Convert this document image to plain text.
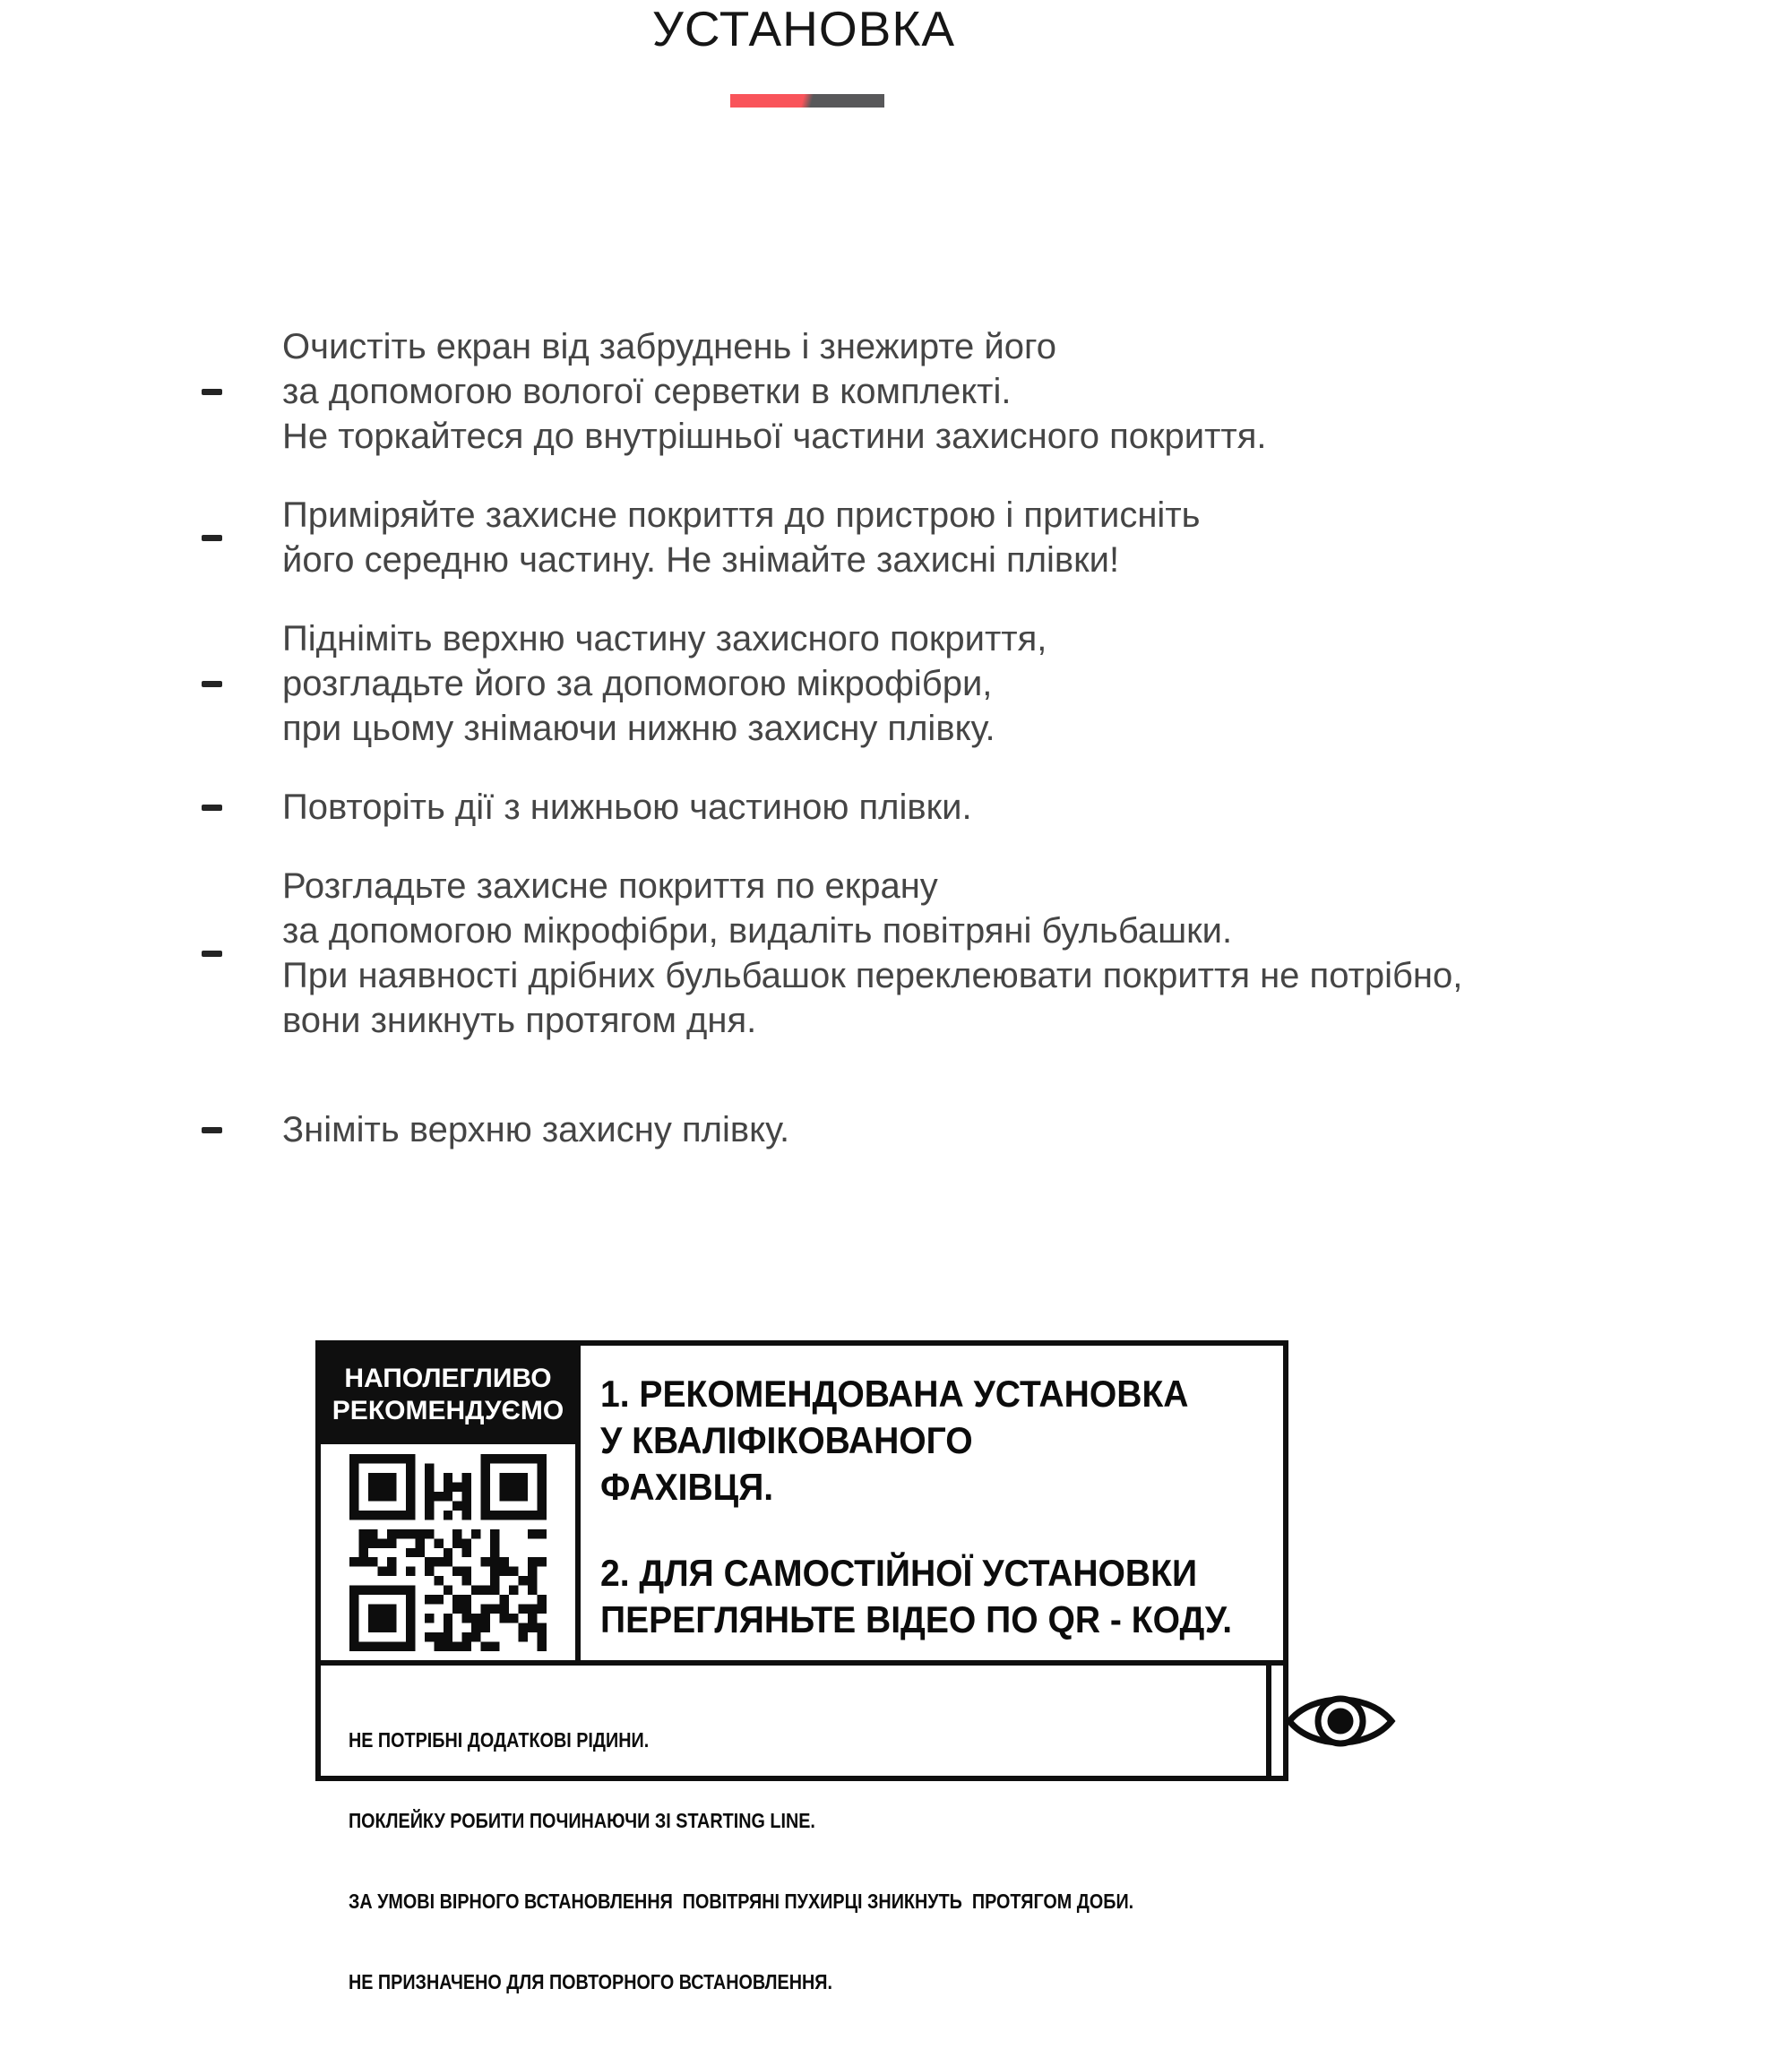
УСТАНОВКА
Очистіть екран від забруднень і знежирте його
за допомогою вологої серветки в комплекті.
Не торкайтеся до внутрішньої частини захисного покриття.
Приміряйте захисне покриття до пристрою і притисніть
його середню частину. Не знімайте захисні плівки!
Підніміть верхню частину захисного покриття,
розгладьте його за допомогою мікрофібри,
при цьому знімаючи нижню захисну плівку.
Повторіть дії з нижньою частиною плівки.
Розгладьте захисне покриття по екрану
за допомогою мікрофібри, видаліть повітряні бульбашки.
При наявності дрібних бульбашок переклеювати покриття не потрібно,
вони зникнуть протягом дня.
Зніміть верхню захисну плівку.
НАПОЛЕГЛИВО
РЕКОМЕНДУЄМО 1. РЕКОМЕНДОВАНА УСТАНОВКА
У КВАЛІФІКОВАНОГО
ФАХІВЦЯ.
2. ДЛЯ САМОСТІЙНОЇ УСТАНОВКИ
ПЕРЕГЛЯНЬТЕ ВІДЕО ПО QR - КОДУ.

НЕ ПОТРІБНІ ДОДАТКОВІ РІДИНИ.

ПОКЛЕЙКУ РОБИТИ ПОЧИНАЮЧИ ЗІ STARTING LINE.

ЗА УМОВІ ВІРНОГО ВСТАНОВЛЕННЯ  ПОВІТРЯНІ ПУХИРЦІ ЗНИКНУТЬ  ПРОТЯГОМ ДОБИ.

НЕ ПРИЗНАЧЕНО ДЛЯ ПОВТОРНОГО ВСТАНОВЛЕННЯ.
